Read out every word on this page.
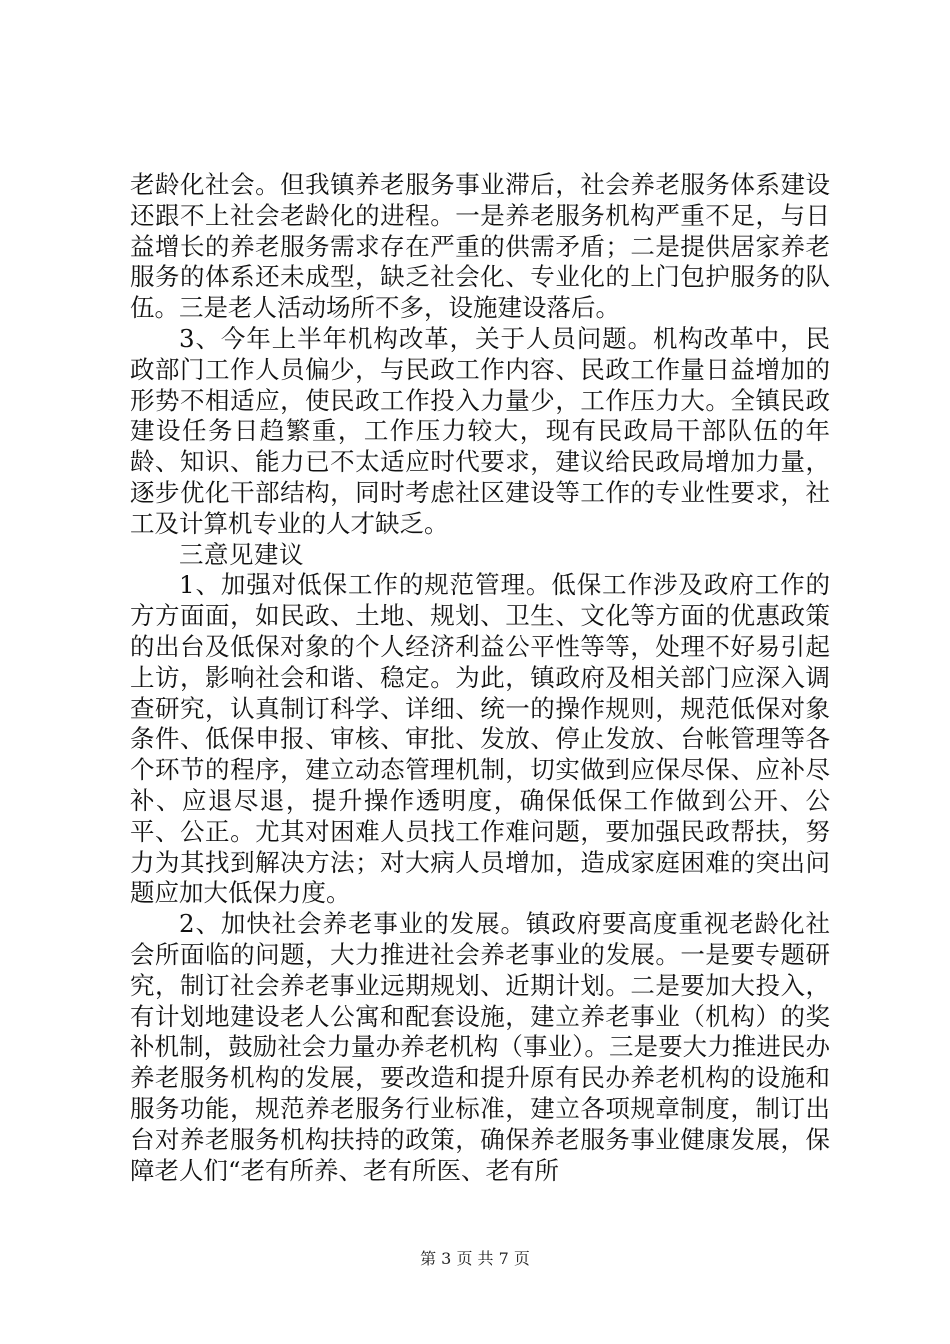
老龄化社会。但我镇养老服务事业滞后，社会养老服务体系建设还跟不上社会老龄化的进程。一是养老服务机构严重不足，与日益增长的养老服务需求存在严重的供需矛盾；二是提供居家养老服务的体系还未成型，缺乏社会化、专业化的上门包护服务的队伍。三是老人活动场所不多，设施建设落后。

3、今年上半年机构改革，关于人员问题。机构改革中，民政部门工作人员偏少，与民政工作内容、民政工作量日益增加的形势不相适应，使民政工作投入力量少，工作压力大。全镇民政建设任务日趋繁重，工作压力较大，现有民政局干部队伍的年龄、知识、能力已不太适应时代要求，建议给民政局增加力量，逐步优化干部结构，同时考虑社区建设等工作的专业性要求，社工及计算机专业的人才缺乏。

三意见建议

1、加强对低保工作的规范管理。低保工作涉及政府工作的方方面面，如民政、土地、规划、卫生、文化等方面的优惠政策的出台及低保对象的个人经济利益公平性等等，处理不好易引起上访，影响社会和谐、稳定。为此，镇政府及相关部门应深入调查研究，认真制订科学、详细、统一的操作规则，规范低保对象条件、低保申报、审核、审批、发放、停止发放、台帐管理等各个环节的程序，建立动态管理机制，切实做到应保尽保、应补尽补、应退尽退，提升操作透明度，确保低保工作做到公开、公平、公正。尤其对困难人员找工作难问题，要加强民政帮扶，努力为其找到解决方法；对大病人员增加，造成家庭困难的突出问题应加大低保力度。

2、加快社会养老事业的发展。镇政府要高度重视老龄化社会所面临的问题，大力推进社会养老事业的发展。一是要专题研究，制订社会养老事业远期规划、近期计划。二是要加大投入，有计划地建设老人公寓和配套设施，建立养老事业（机构）的奖补机制，鼓励社会力量办养老机构（事业）。三是要大力推进民办养老服务机构的发展，要改造和提升原有民办养老机构的设施和服务功能，规范养老服务行业标准，建立各项规章制度，制订出台对养老服务机构扶持的政策，确保养老服务事业健康发展，保障老人们“老有所养、老有所医、老有所

第 3 页 共 7 页
